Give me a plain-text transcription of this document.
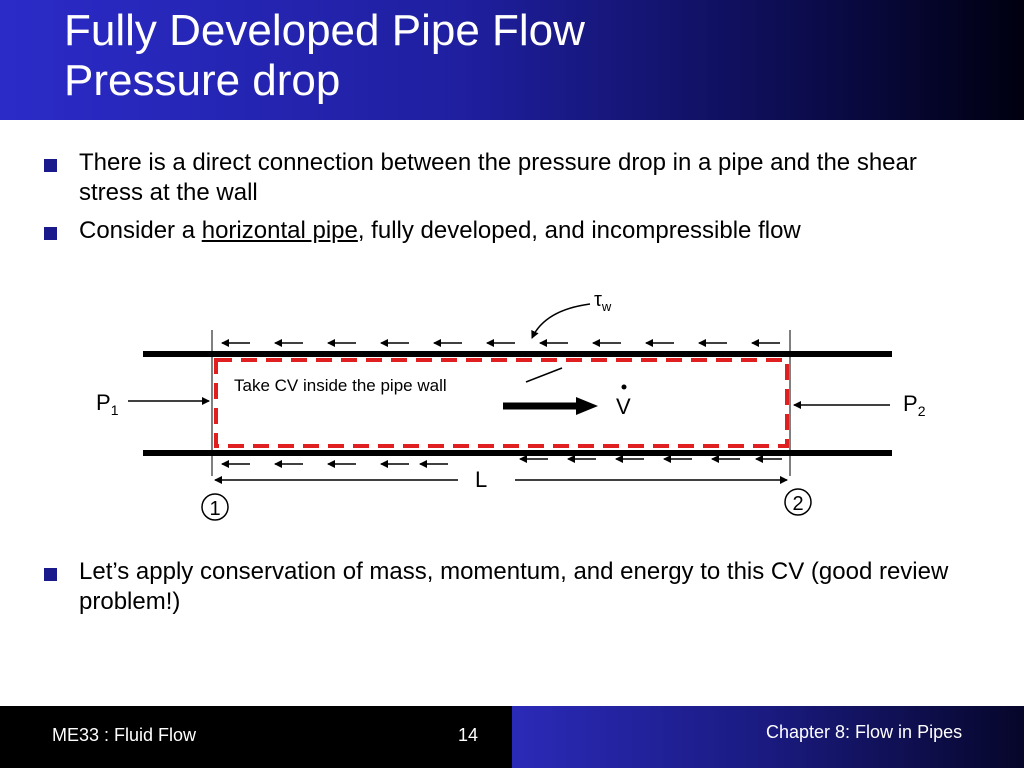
Fully Developed Pipe Flow
Pressure drop
There is a direct connection between the pressure drop in a pipe and the shear stress at the wall
Consider a horizontal pipe, fully developed, and incompressible flow
$\tau_w$
Take CV inside the pipe wall
V
$P_1$	$P_2$
L
1	2
Let’s apply conservation of mass, momentum, and energy to this CV (good review problem!)
ME33 : Fluid Flow	14	Chapter 8: Flow in Pipes
